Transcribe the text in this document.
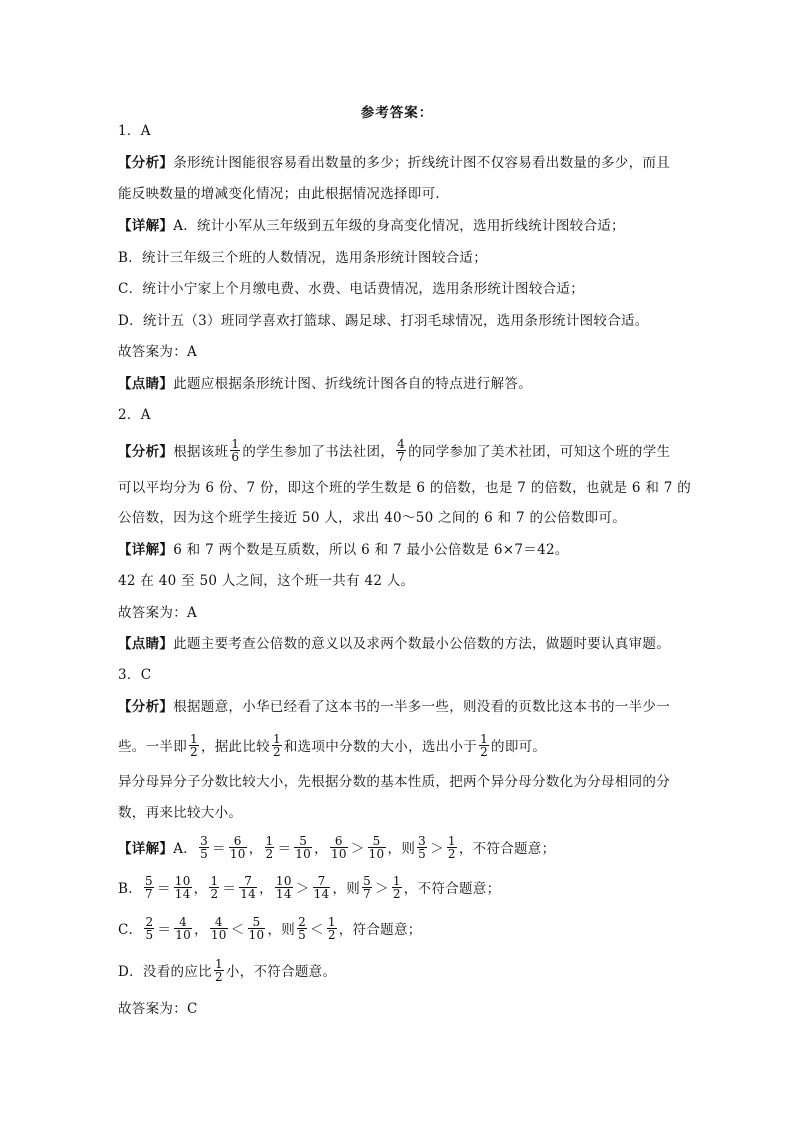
参考答案：
1．A
【分析】条形统计图能很容易看出数量的多少；折线统计图不仅容易看出数量的多少，而且
能反映数量的增减变化情况；由此根据情况选择即可．
【详解】A．统计小军从三年级到五年级的身高变化情况，选用折线统计图较合适；
B．统计三年级三个班的人数情况，选用条形统计图较合适；
C．统计小宁家上个月缴电费、水费、电话费情况，选用条形统计图较合适；
D．统计五（3）班同学喜欢打篮球、踢足球、打羽毛球情况，选用条形统计图较合适。
故答案为：A
【点睛】此题应根据条形统计图、折线统计图各自的特点进行解答。
2．A
【分析】根据该班 $\frac{1}{6}$ 的学生参加了书法社团， $\frac{4}{7}$ 的同学参加了美术社团，可知这个班的学生
可以平均分为 6 份、7 份，即这个班的学生数是 6 的倍数，也是 7 的倍数，也就是 6 和 7 的
公倍数，因为这个班学生接近 50 人，求出 40～50 之间的 6 和 7 的公倍数即可。
【详解】6 和 7 两个数是互质数，所以 6 和 7 最小公倍数是 6×7＝42。
42 在 40 至 50 人之间，这个班一共有 42 人。
故答案为：A
【点睛】此题主要考查公倍数的意义以及求两个数最小公倍数的方法，做题时要认真审题。
3．C
【分析】根据题意，小华已经看了这本书的一半多一些，则没看的页数比这本书的一半少一
些。一半即 $\frac{1}{2}$ ，据此比较 $\frac{1}{2}$ 和选项中分数的大小，选出小于 $\frac{1}{2}$ 的即可。
异分母异分子分数比较大小，先根据分数的基本性质，把两个异分母分数化为分母相同的分
数，再来比较大小。
【详解】A． $\frac{3}{5} = \frac{6}{10}$ ， $\frac{1}{2} = \frac{5}{10}$ ， $\frac{6}{10} > \frac{5}{10}$ ，则 $\frac{3}{5} > \frac{1}{2}$ ，不符合题意；
B． $\frac{5}{7} = \frac{10}{14}$ ， $\frac{1}{2} = \frac{7}{14}$ ， $\frac{10}{14} > \frac{7}{14}$ ，则 $\frac{5}{7} > \frac{1}{2}$ ，不符合题意；
C． $\frac{2}{5} = \frac{4}{10}$ ， $\frac{4}{10} < \frac{5}{10}$ ，则 $\frac{2}{5} < \frac{1}{2}$ ，符合题意；
D．没看的应比 $\frac{1}{2}$ 小，不符合题意。
故答案为：C
